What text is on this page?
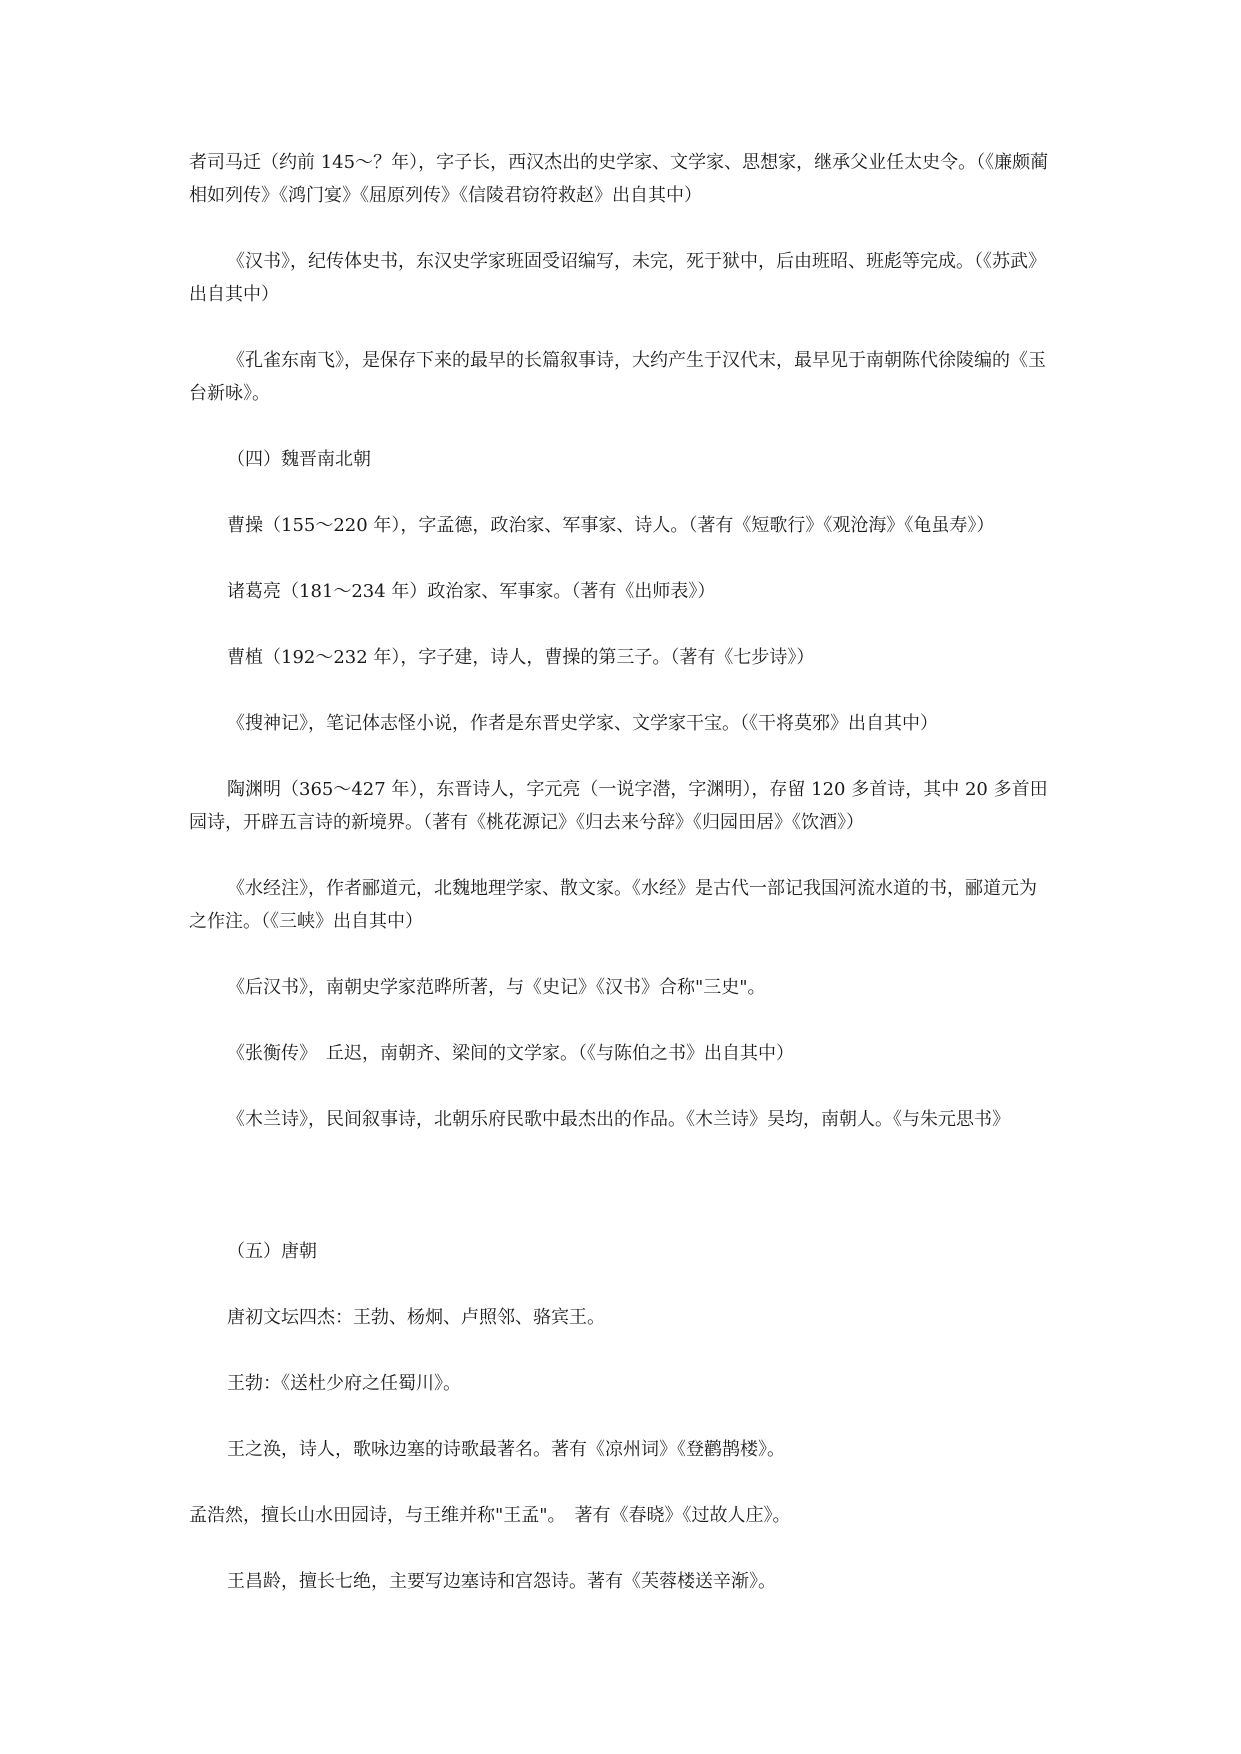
者司马迁（约前 145～？年），字子长，西汉杰出的史学家、文学家、思想家，继承父业任太史令。（《廉颇蔺相如列传》《鸿门宴》《屈原列传》《信陵君窃符救赵》出自其中）

《汉书》，纪传体史书，东汉史学家班固受诏编写，未完，死于狱中，后由班昭、班彪等完成。（《苏武》出自其中）

《孔雀东南飞》，是保存下来的最早的长篇叙事诗，大约产生于汉代末，最早见于南朝陈代徐陵编的《玉台新咏》。

（四）魏晋南北朝

曹操（155～220 年），字孟德，政治家、军事家、诗人。（著有《短歌行》《观沧海》《龟虽寿》）

诸葛亮（181～234 年）政治家、军事家。（著有《出师表》）

曹植（192～232 年），字子建，诗人，曹操的第三子。（著有《七步诗》）

《搜神记》，笔记体志怪小说，作者是东晋史学家、文学家干宝。（《干将莫邪》出自其中）

陶渊明（365～427 年），东晋诗人，字元亮（一说字潜，字渊明），存留 120 多首诗，其中 20 多首田园诗，开辟五言诗的新境界。（著有《桃花源记》《归去来兮辞》《归园田居》《饮酒》）

《水经注》，作者郦道元，北魏地理学家、散文家。《水经》是古代一部记我国河流水道的书，郦道元为之作注。（《三峡》出自其中）

《后汉书》，南朝史学家范晔所著，与《史记》《汉书》合称"三史"。

《张衡传》　丘迟，南朝齐、梁间的文学家。（《与陈伯之书》出自其中）

《木兰诗》，民间叙事诗，北朝乐府民歌中最杰出的作品。《木兰诗》吴均，南朝人。《与朱元思书》

（五）唐朝

唐初文坛四杰：王勃、杨炯、卢照邻、骆宾王。

王勃：《送杜少府之任蜀川》。

王之涣，诗人，歌咏边塞的诗歌最著名。著有《凉州词》《登鹳鹊楼》。

孟浩然，擅长山水田园诗，与王维并称"王孟"。　著有《春晓》《过故人庄》。

王昌龄，擅长七绝，主要写边塞诗和宫怨诗。著有《芙蓉楼送辛渐》。
